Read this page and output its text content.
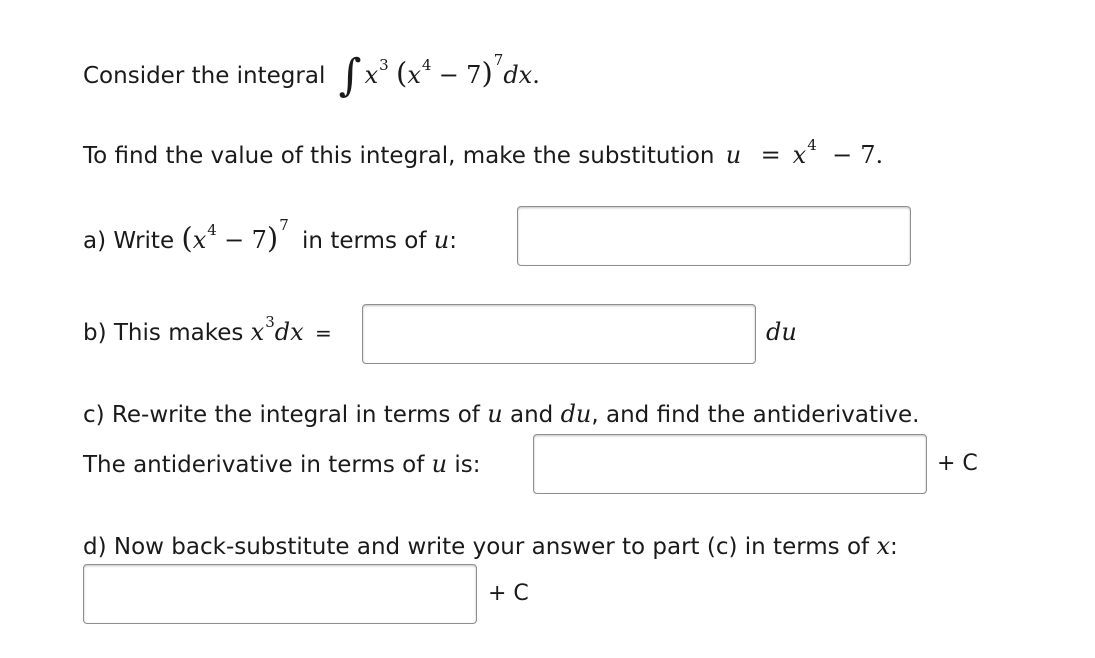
Consider the integral ∫ $x^3$ $(x^4 - 7)^7dx$.
To find the value of this integral, make the substitution $u = x^4 - 7$.
a) Write $(x^4 - 7)^7$ in terms of u:
b) This makes $x^3dx$ =	du
c) Re-write the integral in terms of u and du, and find the antiderivative.
The antiderivative in terms of u is:	+ C
d) Now back-substitute and write your answer to part (c) in terms of x:
+ C
